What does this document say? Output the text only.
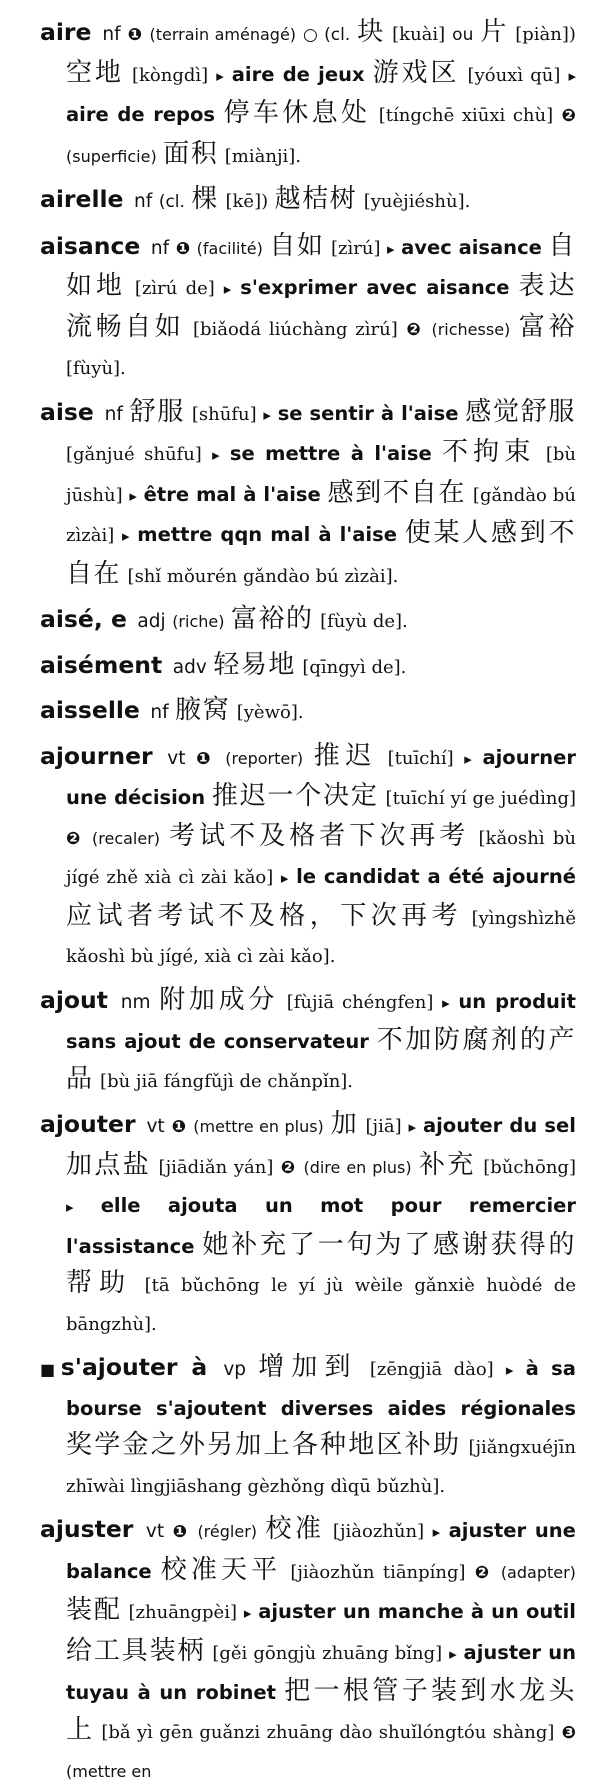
aire nf ❶ (terrain aménagé) ○ (cl. 块 [kuài] ou 片 [piàn]) 空地 [kòngdì] ▸ aire de jeux 游戏区 [yóuxì qū] ▸ aire de repos 停车休息处 [tíngchē xiūxi chù] ❷ (superficie) 面积 [miànji].

airelle nf (cl. 棵 [kē]) 越桔树 [yuèjiéshù].

aisance nf ❶ (facilité) 自如 [zìrú] ▸ avec aisance 自如地 [zìrú de] ▸ s'exprimer avec aisance 表达流畅自如 [biǎodá liúchàng zìrú] ❷ (richesse) 富裕 [fùyù].

aise nf 舒服 [shūfu] ▸ se sentir à l'aise 感觉舒服 [gǎnjué shūfu] ▸ se mettre à l'aise 不拘束 [bù jūshù] ▸ être mal à l'aise 感到不自在 [gǎndào bú zìzài] ▸ mettre qqn mal à l'aise 使某人感到不自在 [shǐ mǒurén gǎndào bú zìzài].

aisé, e adj (riche) 富裕的 [fùyù de].

aisément adv 轻易地 [qīngyì de].

aisselle nf 腋窝 [yèwō].

ajourner vt ❶ (reporter) 推迟 [tuīchí] ▸ ajourner une décision 推迟一个决定 [tuīchí yí ge juédìng] ❷ (recaler) 考试不及格者下次再考 [kǎoshì bù jígé zhě xià cì zài kǎo] ▸ le candidat a été ajourné 应试者考试不及格，下次再考 [yìngshìzhě kǎoshì bù jígé, xià cì zài kǎo].

ajout nm 附加成分 [fùjiā chéngfen] ▸ un produit sans ajout de conservateur 不加防腐剂的产品 [bù jiā fángfǔjì de chǎnpǐn].

ajouter vt ❶ (mettre en plus) 加 [jiā] ▸ ajouter du sel 加点盐 [jiādiǎn yán] ❷ (dire en plus) 补充 [bǔchōng] ▸ elle ajouta un mot pour remercier l'assistance 她补充了一句为了感谢获得的帮助 [tā bǔchōng le yí jù wèile gǎnxiè huòdé de bāngzhù].

■s'ajouter à vp 增加到 [zēngjiā dào] ▸ à sa bourse s'ajoutent diverses aides régionales 奖学金之外另加上各种地区补助 [jiǎngxuéjīn zhīwài lìngjiāshang gèzhǒng dìqū bǔzhù].

ajuster vt ❶ (régler) 校准 [jiàozhǔn] ▸ ajuster une balance 校准天平 [jiàozhǔn tiānpíng] ❷ (adapter) 装配 [zhuāngpèi] ▸ ajuster un manche à un outil 给工具装柄 [gěi gōngjù zhuāng bǐng] ▸ ajuster un tuyau à un robinet 把一根管子装到水龙头上 [bǎ yì gēn guǎnzi zhuāng dào shuǐlóngtóu shàng] ❸ (mettre en
